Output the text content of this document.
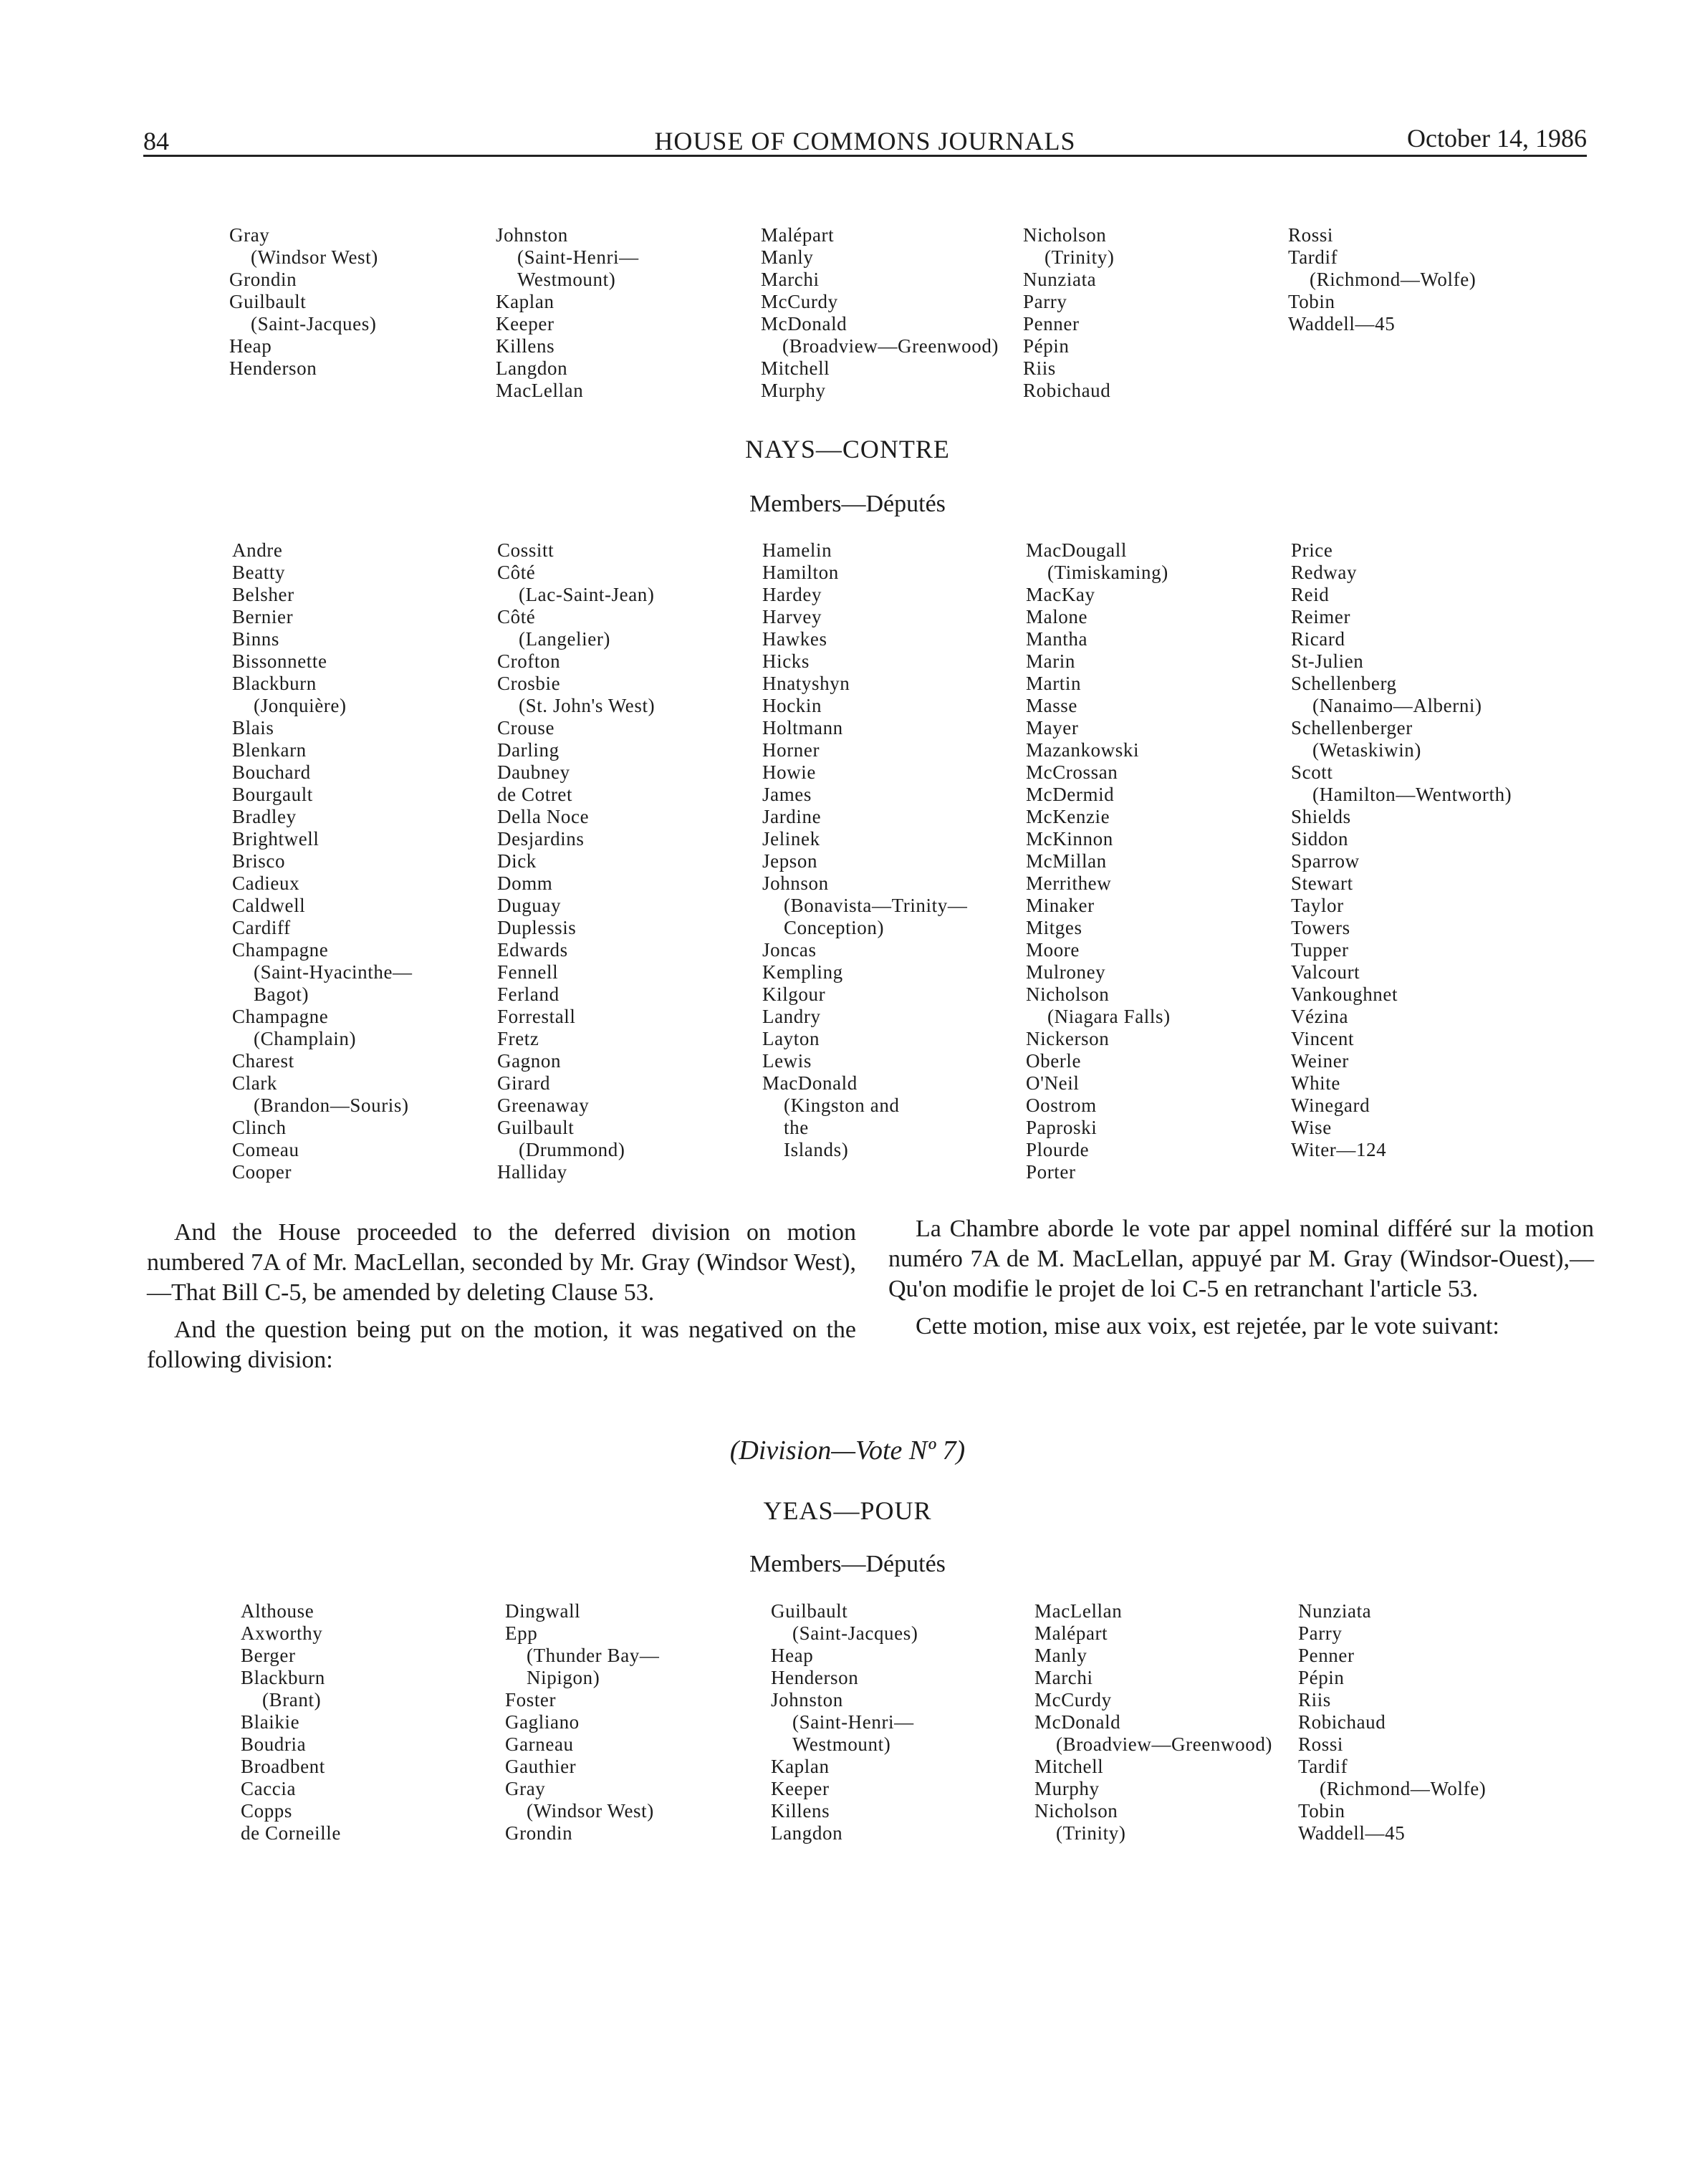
84	HOUSE OF COMMONS JOURNALS	October 14, 1986
Gray
(Windsor West)
Grondin
Guilbault
(Saint-Jacques)
Heap
Henderson
Johnston
(Saint-Henri—
Westmount)
Kaplan
Keeper
Killens
Langdon
MacLellan
Malépart
Manly
Marchi
McCurdy
McDonald
(Broadview—Greenwood)
Mitchell
Murphy
Nicholson
(Trinity)
Nunziata
Parry
Penner
Pépin
Riis
Robichaud
Rossi
Tardif
(Richmond—Wolfe)
Tobin
Waddell—45
NAYS—CONTRE
Members—Députés
Andre
Beatty
Belsher
Bernier
Binns
Bissonnette
Blackburn
(Jonquière)
Blais
Blenkarn
Bouchard
Bourgault
Bradley
Brightwell
Brisco
Cadieux
Caldwell
Cardiff
Champagne
(Saint-Hyacinthe—
Bagot)
Champagne
(Champlain)
Charest
Clark
(Brandon—Souris)
Clinch
Comeau
Cooper
Cossitt
Côté
(Lac-Saint-Jean)
Côté
(Langelier)
Crofton
Crosbie
(St. John's West)
Crouse
Darling
Daubney
de Cotret
Della Noce
Desjardins
Dick
Domm
Duguay
Duplessis
Edwards
Fennell
Ferland
Forrestall
Fretz
Gagnon
Girard
Greenaway
Guilbault
(Drummond)
Halliday
Hamelin
Hamilton
Hardey
Harvey
Hawkes
Hicks
Hnatyshyn
Hockin
Holtmann
Horner
Howie
James
Jardine
Jelinek
Jepson
Johnson
(Bonavista—Trinity—
Conception)
Joncas
Kempling
Kilgour
Landry
Layton
Lewis
MacDonald
(Kingston and
the
Islands)
MacDougall
(Timiskaming)
MacKay
Malone
Mantha
Marin
Martin
Masse
Mayer
Mazankowski
McCrossan
McDermid
McKenzie
McKinnon
McMillan
Merrithew
Minaker
Mitges
Moore
Mulroney
Nicholson
(Niagara Falls)
Nickerson
Oberle
O'Neil
Oostrom
Paproski
Plourde
Porter
Price
Redway
Reid
Reimer
Ricard
St-Julien
Schellenberg
(Nanaimo—Alberni)
Schellenberger
(Wetaskiwin)
Scott
(Hamilton—Wentworth)
Shields
Siddon
Sparrow
Stewart
Taylor
Towers
Tupper
Valcourt
Vankoughnet
Vézina
Vincent
Weiner
White
Winegard
Wise
Witer—124

And the House proceeded to the deferred division on motion numbered 7A of Mr. MacLellan, seconded by Mr. Gray (Windsor West),—That Bill C-5, be amended by deleting Clause 53.

And the question being put on the motion, it was negatived on the following division:

La Chambre aborde le vote par appel nominal différé sur la motion numéro 7A de M. MacLellan, appuyé par M. Gray (Windsor-Ouest),—Qu'on modifie le projet de loi C-5 en retranchant l'article 53.

Cette motion, mise aux voix, est rejetée, par le vote suivant:

(Division—Vote Nº 7)
YEAS—POUR
Members—Députés
Althouse
Axworthy
Berger
Blackburn
(Brant)
Blaikie
Boudria
Broadbent
Caccia
Copps
de Corneille
Dingwall
Epp
(Thunder Bay—
Nipigon)
Foster
Gagliano
Garneau
Gauthier
Gray
(Windsor West)
Grondin
Guilbault
(Saint-Jacques)
Heap
Henderson
Johnston
(Saint-Henri—
Westmount)
Kaplan
Keeper
Killens
Langdon
MacLellan
Malépart
Manly
Marchi
McCurdy
McDonald
(Broadview—Greenwood)
Mitchell
Murphy
Nicholson
(Trinity)
Nunziata
Parry
Penner
Pépin
Riis
Robichaud
Rossi
Tardif
(Richmond—Wolfe)
Tobin
Waddell—45
